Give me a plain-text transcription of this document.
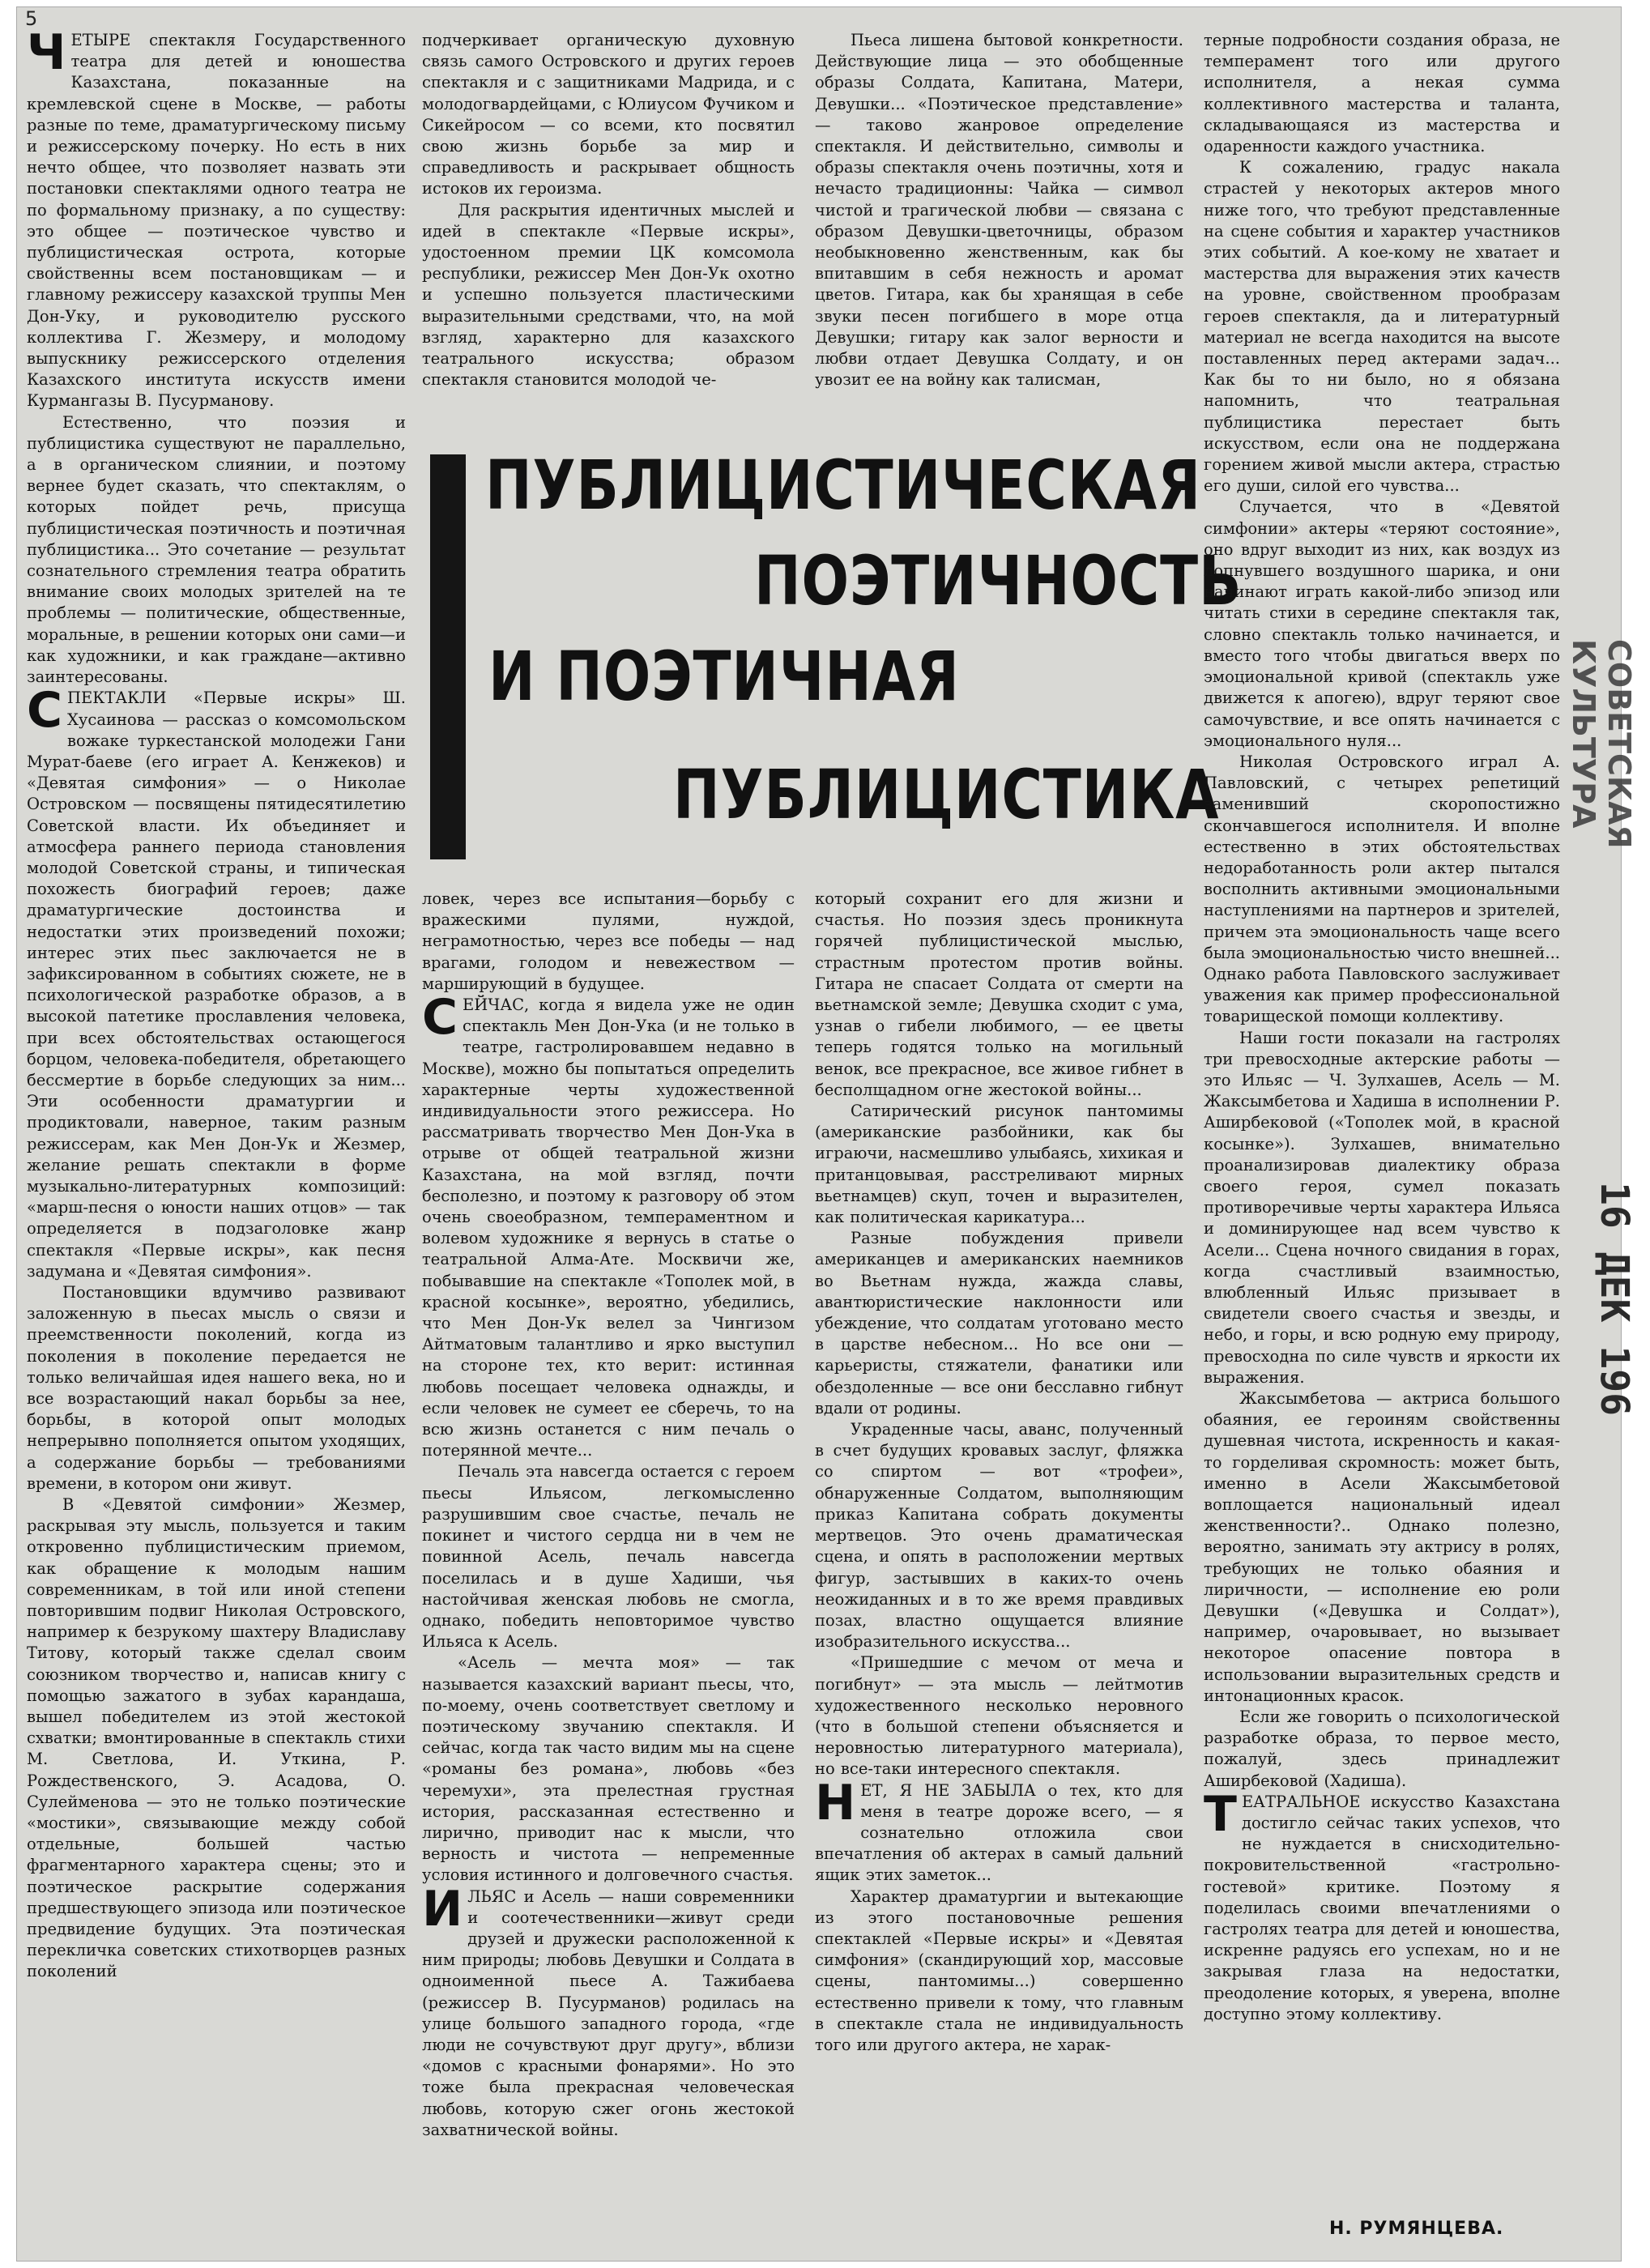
5

ЧЕТЫРЕ спектакля Государственного театра для детей и юношества Казахстана, показанные на кремлевской сцене в Москве, — работы разные по теме, драматургическому письму и режиссерскому почерку. Но есть в них нечто общее, что позволяет назвать эти постановки спектаклями одного театра не по формальному признаку, а по существу: это общее — поэтическое чувство и публицистическая острота, которые свойственны всем постановщикам — и главному режиссеру казахской труппы Мен Дон-Уку, и руководителю русского коллектива Г. Жезмеру, и молодому выпускнику режиссерского отделения Казахского института искусств имени Курмангазы В. Пусурманову.

Естественно, что поэзия и публицистика существуют не параллельно, а в органическом слиянии, и поэтому вернее будет сказать, что спектаклям, о которых пойдет речь, присуща публицистическая поэтичность и поэтичная публицистика... Это сочетание — результат сознательного стремления театра обратить внимание своих молодых зрителей на те проблемы — политические, общественные, моральные, в решении которых они сами—и как художники, и как граждане—активно заинтересованы.

СПЕКТАКЛИ «Первые искры» Ш. Хусаинова — рассказ о комсомольском вожаке туркестанской молодежи Гани Мурат-баеве (его играет А. Кенжеков) и «Девятая симфония» — о Николае Островском — посвящены пятидесятилетию Советской власти. Их объединяет и атмосфера раннего периода становления молодой Советской страны, и типическая похожесть биографий героев; даже драматургические достоинства и недостатки этих произведений похожи; интерес этих пьес заключается не в зафиксированном в событиях сюжете, не в психологической разработке образов, а в высокой патетике прославления человека, при всех обстоятельствах остающегося борцом, человека-победителя, обретающего бессмертие в борьбе следующих за ним... Эти особенности драматургии и продиктовали, наверное, таким разным режиссерам, как Мен Дон-Ук и Жезмер, желание решать спектакли в форме музыкально-литературных композиций: «марш-песня о юности наших отцов» — так определяется в подзаголовке жанр спектакля «Первые искры», как песня задумана и «Девятая симфония».

Постановщики вдумчиво развивают заложенную в пьесах мысль о связи и преемственности поколений, когда из поколения в поколение передается не только величайшая идея нашего века, но и все возрастающий накал борьбы за нее, борьбы, в которой опыт молодых непрерывно пополняется опытом уходящих, а содержание борьбы — требованиями времени, в котором они живут.

В «Девятой симфонии» Жезмер, раскрывая эту мысль, пользуется и таким откровенно публицистическим приемом, как обращение к молодым нашим современникам, в той или иной степени повторившим подвиг Николая Островского, например к безрукому шахтеру Владиславу Титову, который также сделал своим союзником творчество и, написав книгу с помощью зажатого в зубах карандаша, вышел победителем из этой жестокой схватки; вмонтированные в спектакль стихи М. Светлова, И. Уткина, Р. Рождественского, Э. Асадова, О. Сулейменова — это не только поэтические «мостики», связывающие между собой отдельные, большей частью фрагментарного характера сцены; это и поэтическое раскрытие содержания предшествующего эпизода или поэтическое предвидение будущих. Эта поэтическая перекличка советских стихотворцев разных поколений

подчеркивает органическую духовную связь самого Островского и других героев спектакля и с защитниками Мадрида, и с молодогвардейцами, с Юлиусом Фучиком и Сикейросом — со всеми, кто посвятил свою жизнь борьбе за мир и справедливость и раскрывает общность истоков их героизма.

Для раскрытия идентичных мыслей и идей в спектакле «Первые искры», удостоенном премии ЦК комсомола республики, режиссер Мен Дон-Ук охотно и успешно пользуется пластическими выразительными средствами, что, на мой взгляд, характерно для казахского театрального искусства; образом спектакля становится молодой че-

Пьеса лишена бытовой конкретности. Действующие лица — это обобщенные образы Солдата, Капитана, Матери, Девушки... «Поэтическое представление» — таково жанровое определение спектакля. И действительно, символы и образы спектакля очень поэтичны, хотя и нечасто традиционны: Чайка — символ чистой и трагической любви — связана с образом Девушки-цветочницы, образом необыкновенно женственным, как бы впитавшим в себя нежность и аромат цветов. Гитара, как бы хранящая в себе звуки песен погибшего в море отца Девушки; гитару как залог верности и любви отдает Девушка Солдату, и он увозит ее на войну как талисман,

ПУБЛИЦИСТИЧЕСКАЯ
ПОЭТИЧНОСТЬ
И ПОЭТИЧНАЯ
ПУБЛИЦИСТИКА

ловек, через все испытания—борьбу с вражескими пулями, нуждой, неграмотностью, через все победы — над врагами, голодом и невежеством — марширующий в будущее.

СЕЙЧАС, когда я видела уже не один спектакль Мен Дон-Ука (и не только в театре, гастролировавшем недавно в Москве), можно бы попытаться определить характерные черты художественной индивидуальности этого режиссера. Но рассматривать творчество Мен Дон-Ука в отрыве от общей театральной жизни Казахстана, на мой взгляд, почти бесполезно, и поэтому к разговору об этом очень своеобразном, темпераментном и волевом художнике я вернусь в статье о театральной Алма-Ате. Москвичи же, побывавшие на спектакле «Тополек мой, в красной косынке», вероятно, убедились, что Мен Дон-Ук велел за Чингизом Айтматовым талантливо и ярко выступил на стороне тех, кто верит: истинная любовь посещает человека однажды, и если человек не сумеет ее сберечь, то на всю жизнь останется с ним печаль о потерянной мечте...

Печаль эта навсегда остается с героем пьесы Ильясом, легкомысленно разрушившим свое счастье, печаль не покинет и чистого сердца ни в чем не повинной Асель, печаль навсегда поселилась и в душе Хадиши, чья настойчивая женская любовь не смогла, однако, победить неповторимое чувство Ильяса к Асель.

«Асель — мечта моя» — так называется казахский вариант пьесы, что, по-моему, очень соответствует светлому и поэтическому звучанию спектакля. И сейчас, когда так часто видим мы на сцене «романы без романа», любовь «без черемухи», эта прелестная грустная история, рассказанная естественно и лирично, приводит нас к мысли, что верность и чистота — непременные условия истинного и долговечного счастья.

ИЛЬЯС и Асель — наши современники и соотечественники—живут среди друзей и дружески расположенной к ним природы; любовь Девушки и Солдата в одноименной пьесе А. Тажибаева (режиссер В. Пусурманов) родилась на улице большого западного города, «где люди не сочувствуют друг другу», вблизи «домов с красными фонарями». Но это тоже была прекрасная человеческая любовь, которую сжег огонь жестокой захватнической войны.

который сохранит его для жизни и счастья. Но поэзия здесь проникнута горячей публицистической мыслью, страстным протестом против войны. Гитара не спасает Солдата от смерти на вьетнамской земле; Девушка сходит с ума, узнав о гибели любимого, — ее цветы теперь годятся только на могильный венок, все прекрасное, все живое гибнет в бесполщадном огне жестокой войны...

Сатирический рисунок пантомимы (американские разбойники, как бы играючи, насмешливо улыбаясь, хихикая и пританцовывая, расстреливают мирных вьетнамцев) скуп, точен и выразителен, как политическая карикатура...

Разные побуждения привели американцев и американских наемников во Вьетнам нужда, жажда славы, авантюристические наклонности или убеждение, что солдатам уготовано место в царстве небесном... Но все они — карьеристы, стяжатели, фанатики или обездоленные — все они бесславно гибнут вдали от родины.

Украденные часы, аванс, полученный в счет будущих кровавых заслуг, фляжка со спиртом — вот «трофеи», обнаруженные Солдатом, выполняющим приказ Капитана собрать документы мертвецов. Это очень драматическая сцена, и опять в расположении мертвых фигур, застывших в каких-то очень неожиданных и в то же время правдивых позах, властно ощущается влияние изобразительного искусства...

«Пришедшие с мечом от меча и погибнут» — эта мысль — лейтмотив художественного несколько неровного (что в большой степени объясняется и неровностью литературного материала), но все-таки интересного спектакля.

НЕТ, Я НЕ ЗАБЫЛА о тех, кто для меня в театре дороже всего, — я сознательно отложила свои впечатления об актерах в самый дальний ящик этих заметок...

Характер драматургии и вытекающие из этого постановочные решения спектаклей «Первые искры» и «Девятая симфония» (скандирующий хор, массовые сцены, пантомимы...) совершенно естественно привели к тому, что главным в спектакле стала не индивидуальность того или другого актера, не харак-

терные подробности создания образа, не темперамент того или другого исполнителя, а некая сумма коллективного мастерства и таланта, складывающаяся из мастерства и одаренности каждого участника.

К сожалению, градус накала страстей у некоторых актеров много ниже того, что требуют представленные на сцене события и характер участников этих событий. А кое-кому не хватает и мастерства для выражения этих качеств на уровне, свойственном прообразам героев спектакля, да и литературный материал не всегда находится на высоте поставленных перед актерами задач... Как бы то ни было, но я обязана напомнить, что театральная публицистика перестает быть искусством, если она не поддержана горением живой мысли актера, страстью его души, силой его чувства...

Случается, что в «Девятой симфонии» актеры «теряют состояние», оно вдруг выходит из них, как воздух из лопнувшего воздушного шарика, и они начинают играть какой-либо эпизод или читать стихи в середине спектакля так, словно спектакль только начинается, и вместо того чтобы двигаться вверх по эмоциональной кривой (спектакль уже движется к апогею), вдруг теряют свое самочувствие, и все опять начинается с эмоционального нуля...

Николая Островского играл А. Павловский, с четырех репетиций заменивший скоропостижно скончавшегося исполнителя. И вполне естественно в этих обстоятельствах недоработанность роли актер пытался восполнить активными эмоциональными наступлениями на партнеров и зрителей, причем эта эмоциональность чаще всего была эмоциональностью чисто внешней... Однако работа Павловского заслуживает уважения как пример профессиональной товарищеской помощи коллективу.

Наши гости показали на гастролях три превосходные актерские работы — это Ильяс — Ч. Зулхашев, Асель — М. Жаксымбетова и Хадиша в исполнении Р. Аширбековой («Тополек мой, в красной косынке»). Зулхашев, внимательно проанализировав диалектику образа своего героя, сумел показать противоречивые черты характера Ильяса и доминирующее над всем чувство к Асели... Сцена ночного свидания в горах, когда счастливый взаимностью, влюбленный Ильяс призывает в свидетели своего счастья и звезды, и небо, и горы, и всю родную ему природу, превосходна по силе чувств и яркости их выражения.

Жаксымбетова — актриса большого обаяния, ее героиням свойственны душевная чистота, искренность и какая-то горделивая скромность: может быть, именно в Асели Жаксымбетовой воплощается национальный идеал женственности?.. Однако полезно, вероятно, занимать эту актрису в ролях, требующих не только обаяния и лиричности, — исполнение ею роли Девушки («Девушка и Солдат»), например, очаровывает, но вызывает некоторое опасение повтора в использовании выразительных средств и интонационных красок.

Если же говорить о психологической разработке образа, то первое место, пожалуй, здесь принадлежит Аширбековой (Хадиша).

ТЕАТРАЛЬНОЕ искусство Казахстана достигло сейчас таких успехов, что не нуждается в снисходительно-покровительственной «гастрольно-гостевой» критике. Поэтому я поделилась своими впечатлениями о гастролях театра для детей и юношества, искренне радуясь его успехам, но и не закрывая глаза на недостатки, преодоление которых, я уверена, вполне доступно этому коллективу.

СОВЕТСКАЯ КУЛЬТУРА
16 ДЕК 196
Н. РУМЯНЦЕВА.
